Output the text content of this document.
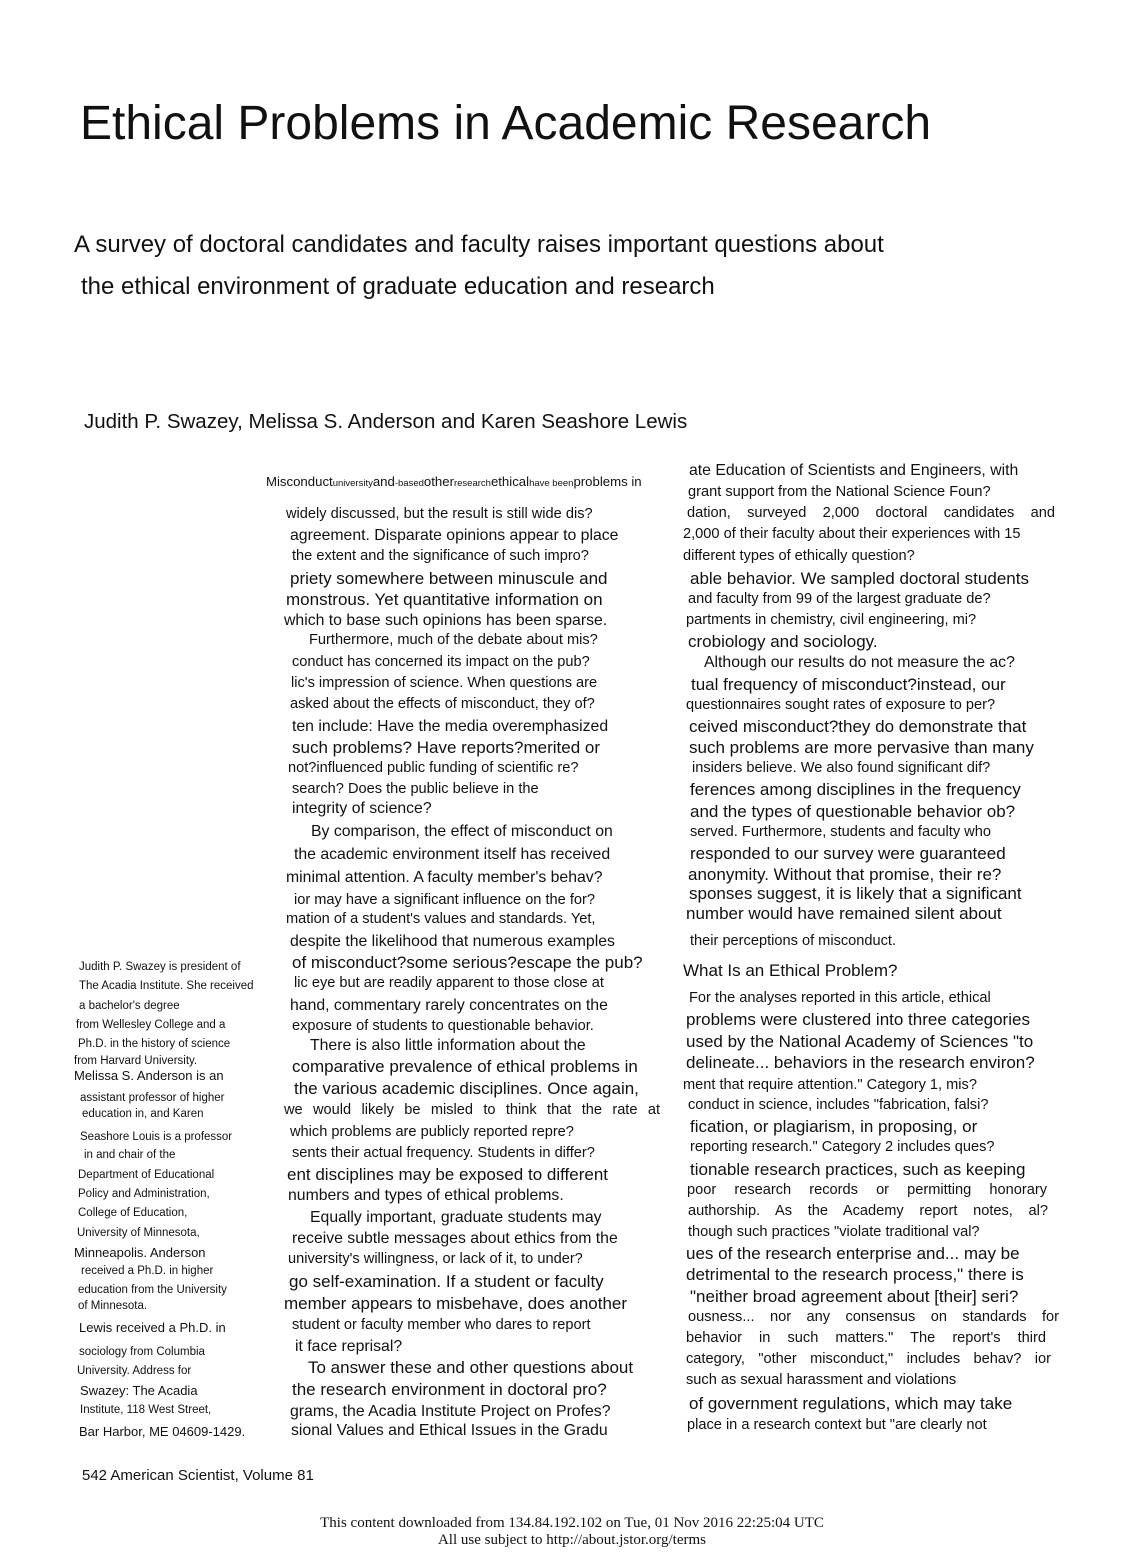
Ethical Problems in Academic Research
A survey of doctoral candidates and faculty raises important questions about
the ethical environment of graduate education and research
Judith P. Swazey, Melissa S. Anderson and Karen Seashore Lewis
Judith P. Swazey is president of
The Acadia Institute. She received
a bachelor's degree
from Wellesley College and a
Ph.D. in the history of science
from Harvard University.
Melissa S. Anderson is an
assistant professor of higher
education in, and Karen
Seashore Louis is a professor
in and chair of the
Department of Educational
Policy and Administration,
College of Education,
University of Minnesota,
Minneapolis. Anderson
received a Ph.D. in higher
education from the University
of Minnesota.
Lewis received a Ph.D. in
sociology from Columbia
University. Address for
Swazey: The Acadia
Institute, 118 West Street,
Bar Harbor, ME 04609-1429.
Misconductuniversityand-basedotherresearchethicalhave beenproblems in
widely discussed, but the result is still wide dis?
agreement. Disparate opinions appear to place
the extent and the significance of such impro?
priety somewhere between minuscule and
monstrous. Yet quantitative information on
which to base such opinions has been sparse.
Furthermore, much of the debate about mis?
conduct has concerned its impact on the pub?
lic's impression of science. When questions are
asked about the effects of misconduct, they of?
ten include: Have the media overemphasized
such problems? Have reports?merited or
not?influenced public funding of scientific re?
search? Does the public believe in the
integrity of science?
By comparison, the effect of misconduct on
the academic environment itself has received
minimal attention. A faculty member's behav?
ior may have a significant influence on the for?
mation of a student's values and standards. Yet,
despite the likelihood that numerous examples
of misconduct?some serious?escape the pub?
lic eye but are readily apparent to those close at
hand, commentary rarely concentrates on the
exposure of students to questionable behavior.
There is also little information about the
comparative prevalence of ethical problems in
the various academic disciplines. Once again,
we would likely be misled to think that the rate at
which problems are publicly reported repre?
sents their actual frequency. Students in differ?
ent disciplines may be exposed to different
numbers and types of ethical problems.
Equally important, graduate students may
receive subtle messages about ethics from the
university's willingness, or lack of it, to under?
go self-examination. If a student or faculty
member appears to misbehave, does another
student or faculty member who dares to report
it face reprisal?
To answer these and other questions about
the research environment in doctoral pro?
grams, the Acadia Institute Project on Profes?
sional Values and Ethical Issues in the Gradu
ate Education of Scientists and Engineers, with
grant support from the National Science Foun?
dation, surveyed 2,000 doctoral candidates and
2,000 of their faculty about their experiences with 15
different types of ethically question?
able behavior. We sampled doctoral students
and faculty from 99 of the largest graduate de?
partments in chemistry, civil engineering, mi?
crobiology and sociology.
Although our results do not measure the ac?
tual frequency of misconduct?instead, our
questionnaires sought rates of exposure to per?
ceived misconduct?they do demonstrate that
such problems are more pervasive than many
insiders believe. We also found significant dif?
ferences among disciplines in the frequency
and the types of questionable behavior ob?
served. Furthermore, students and faculty who
responded to our survey were guaranteed
anonymity. Without that promise, their re?
sponses suggest, it is likely that a significant
number would have remained silent about
their perceptions of misconduct.
What Is an Ethical Problem?
For the analyses reported in this article, ethical
problems were clustered into three categories
used by the National Academy of Sciences "to
delineate... behaviors in the research environ?
ment that require attention." Category 1, mis?
conduct in science, includes "fabrication, falsi?
fication, or plagiarism, in proposing, or
reporting research." Category 2 includes ques?
tionable research practices, such as keeping
poor research records or permitting honorary
authorship. As the Academy report notes, al?
though such practices "violate traditional val?
ues of the research enterprise and... may be
detrimental to the research process," there is
"neither broad agreement about [their] seri?
ousness... nor any consensus on standards for
behavior in such matters." The report's third
category, "other misconduct," includes behav? ior
such as sexual harassment and violations
of government regulations, which may take
place in a research context but "are clearly not
542 American Scientist, Volume 81
This content downloaded from 134.84.192.102 on Tue, 01 Nov 2016 22:25:04 UTC
All use subject to http://about.jstor.org/terms
